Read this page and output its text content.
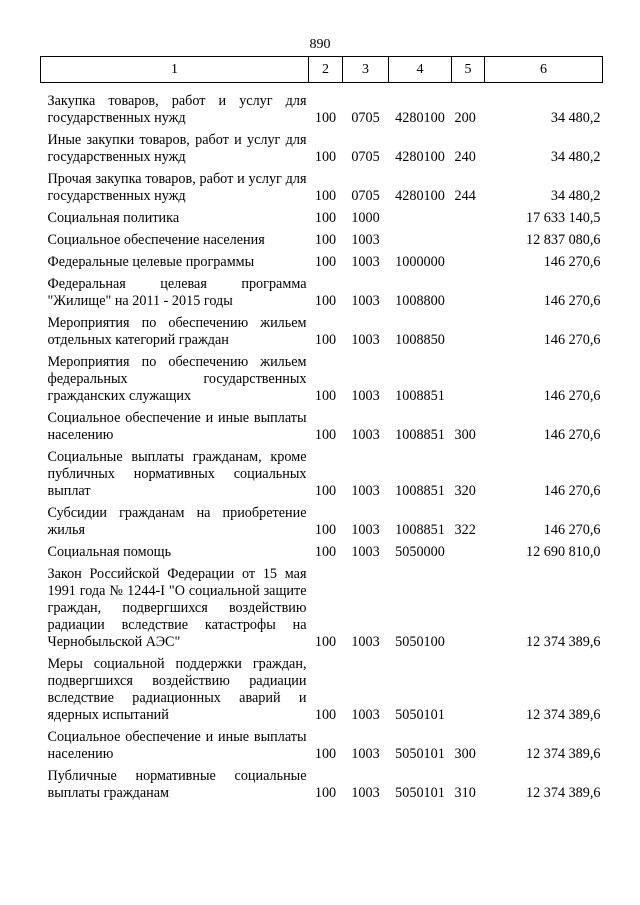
890
1	2	3	4	5	6
Закупка товаров, работ и услуг для государственных нужд	100	0705	4280100	200	34 480,2
Иные закупки товаров, работ и услуг для государственных нужд	100	0705	4280100	240	34 480,2
Прочая закупка товаров, работ и услуг для государственных нужд	100	0705	4280100	244	34 480,2
Социальная политика	100	1000			17 633 140,5
Социальное обеспечение населения	100	1003			12 837 080,6
Федеральные целевые программы	100	1003	1000000		146 270,6
Федеральная целевая программа "Жилище" на 2011 - 2015 годы	100	1003	1008800		146 270,6
Мероприятия по обеспечению жильем отдельных категорий граждан	100	1003	1008850		146 270,6
Мероприятия по обеспечению жильем федеральных государственных гражданских служащих	100	1003	1008851		146 270,6
Социальное обеспечение и иные выплаты населению	100	1003	1008851	300	146 270,6
Социальные выплаты гражданам, кроме публичных нормативных социальных выплат	100	1003	1008851	320	146 270,6
Субсидии гражданам на приобретение жилья	100	1003	1008851	322	146 270,6
Социальная помощь	100	1003	5050000		12 690 810,0
Закон Российской Федерации от 15 мая 1991 года № 1244-I "О социальной защите граждан, подвергшихся воздействию радиации вследствие катастрофы на Чернобыльской АЭС"	100	1003	5050100		12 374 389,6
Меры социальной поддержки граждан, подвергшихся воздействию радиации вследствие радиационных аварий и ядерных испытаний	100	1003	5050101		12 374 389,6
Социальное обеспечение и иные выплаты населению	100	1003	5050101	300	12 374 389,6
Публичные нормативные социальные выплаты гражданам	100	1003	5050101	310	12 374 389,6
